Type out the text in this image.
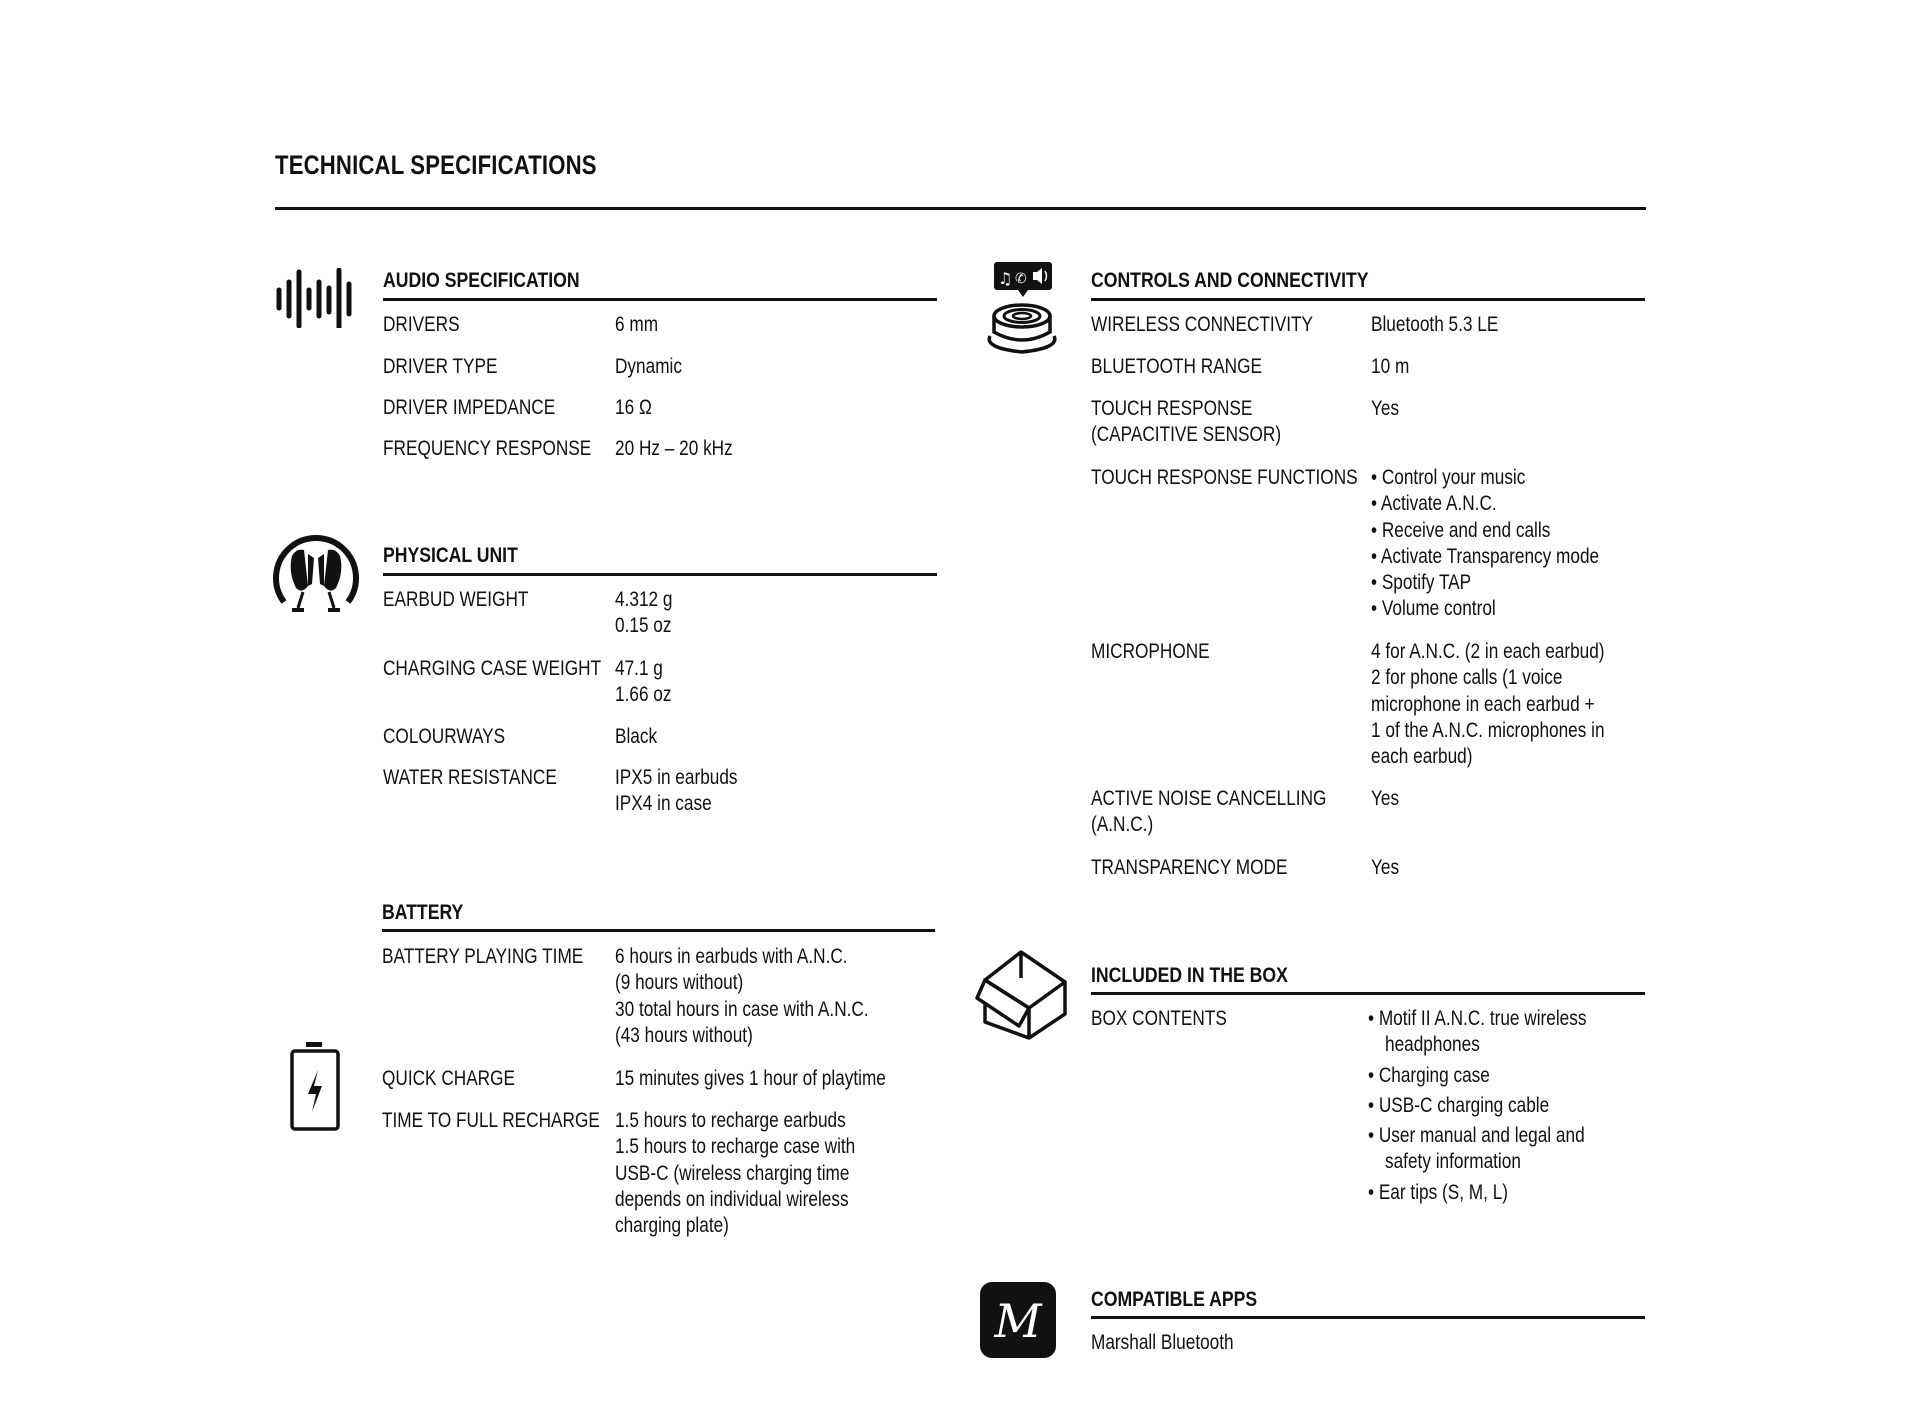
TECHNICAL SPECIFICATIONS
AUDIO SPECIFICATION
DRIVERS	6 mm
DRIVER TYPE	Dynamic
DRIVER IMPEDANCE	16 Ω
FREQUENCY RESPONSE	20 Hz – 20 kHz
PHYSICAL UNIT
EARBUD WEIGHT	4.312 g
0.15 oz
CHARGING CASE WEIGHT 47.1 g
1.66 oz
COLOURWAYS	Black
WATER RESISTANCE	IPX5 in earbuds
IPX4 in case
BATTERY
BATTERY PLAYING TIME	6 hours in earbuds with A.N.C.
(9 hours without)
30 total hours in case with A.N.C.
(43 hours without)
QUICK CHARGE	15 minutes gives 1 hour of playtime
TIME TO FULL RECHARGE 1.5 hours to recharge earbuds
1.5 hours to recharge case with
USB-C (wireless charging time
depends on individual wireless
charging plate)
♫ ✆	CONTROLS AND CONNECTIVITY
WIRELESS CONNECTIVITY	Bluetooth 5.3 LE
BLUETOOTH RANGE	10 m
TOUCH RESPONSE
(CAPACITIVE SENSOR)
Yes
TOUCH RESPONSE FUNCTIONS • Control your music
• Activate A.N.C.
• Receive and end calls
• Activate Transparency mode
• Spotify TAP
• Volume control
MICROPHONE	4 for A.N.C. (2 in each earbud)
2 for phone calls (1 voice
microphone in each earbud +
1 of the A.N.C. microphones in
each earbud)
ACTIVE NOISE CANCELLING
(A.N.C.)
Yes
TRANSPARENCY MODE	Yes
INCLUDED IN THE BOX
BOX CONTENTS	• Motif II A.N.C. true wireless
headphones
• Charging case
• USB-C charging cable
• User manual and legal and
safety information
• Ear tips (S, M, L)
M COMPATIBLE APPS
Marshall Bluetooth
